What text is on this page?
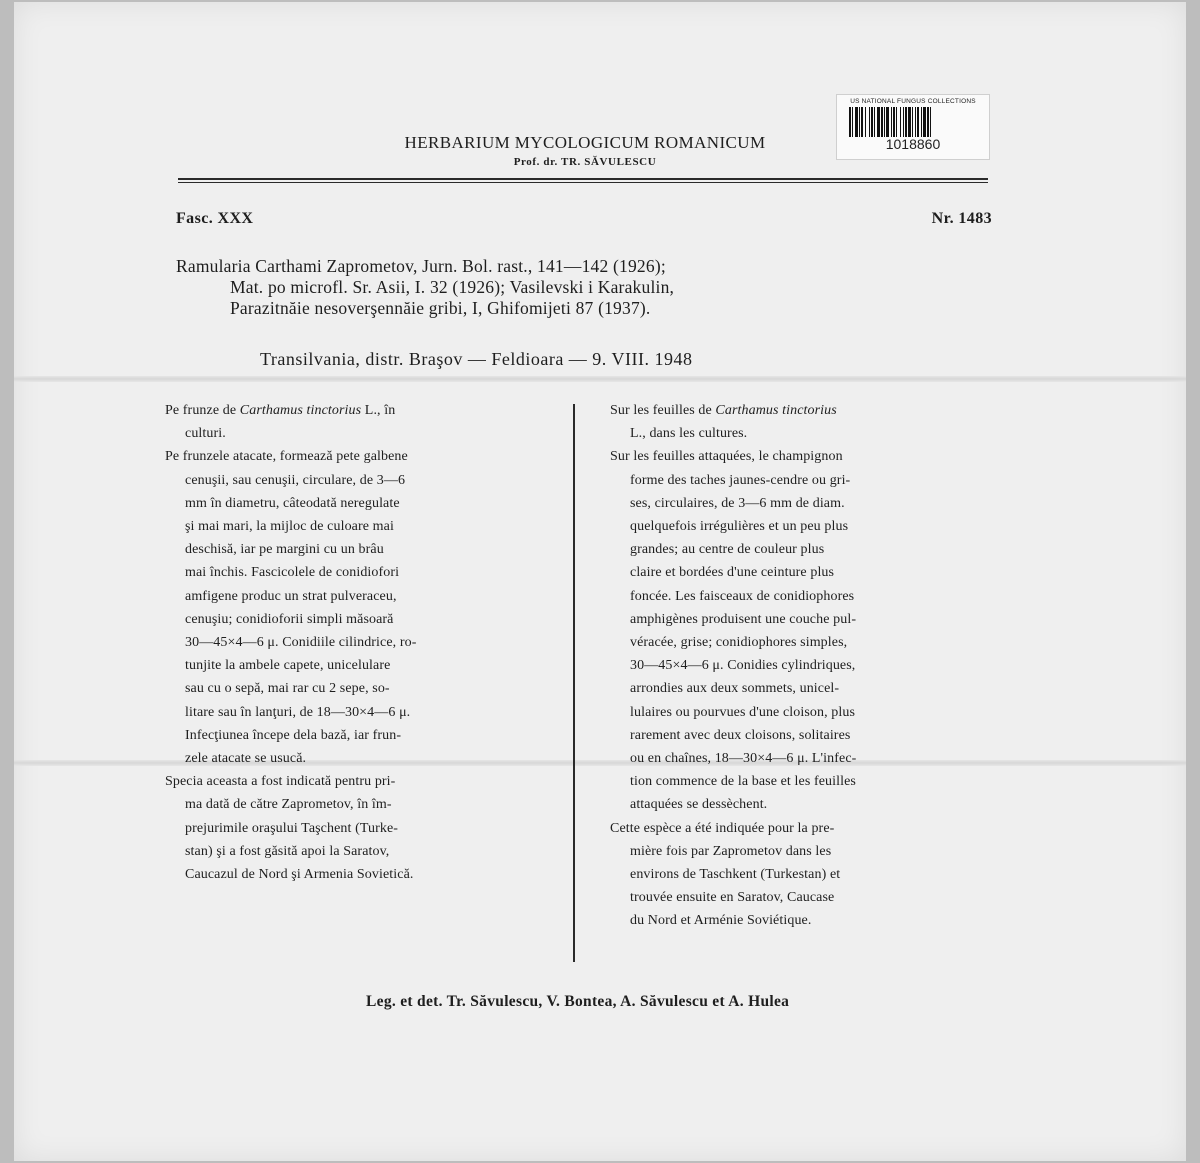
US NATIONAL FUNGUS COLLECTIONS
1018860
HERBARIUM MYCOLOGICUM ROMANICUM
Prof. dr. TR. SĂVULESCU
Fasc. XXX	Nr. 1483
Ramularia Carthami Zaprometov, Jurn. Bol. rast., 141—142 (1926);
Mat. po microfl. Sr. Asii, I. 32 (1926); Vasilevski i Karakulin,
Parazitnăie nesoverşennăie gribi, I, Ghifomijeti 87 (1937).
Transilvania, distr. Braşov — Feldioara — 9. VIII. 1948
Pe frunze de Carthamus tinctorius L., în
culturi.
Pe frunzele atacate, formează pete galbene
cenuşii, sau cenuşii, circulare, de 3—6
mm în diametru, câteodată neregulate
şi mai mari, la mijloc de culoare mai
deschisă, iar pe margini cu un brâu
mai închis. Fascicolele de conidiofori
amfigene produc un strat pulveraceu,
cenuşiu; conidioforii simpli măsoară
30—45×4—6 μ. Conidiile cilindrice, ro-
tunjite la ambele capete, unicelulare
sau cu o sepă, mai rar cu 2 sepe, so-
litare sau în lanţuri, de 18—30×4—6 μ.
Infecţiunea începe dela bază, iar frun-
zele atacate se usucă.
Specia aceasta a fost indicată pentru pri-
ma dată de către Zaprometov, în îm-
prejurimile oraşului Taşchent (Turke-
stan) şi a fost găsită apoi la Saratov,
Caucazul de Nord şi Armenia Sovietică.
Sur les feuilles de Carthamus tinctorius
L., dans les cultures.
Sur les feuilles attaquées, le champignon
forme des taches jaunes-cendre ou gri-
ses, circulaires, de 3—6 mm de diam.
quelquefois irrégulières et un peu plus
grandes; au centre de couleur plus
claire et bordées d'une ceinture plus
foncée. Les faisceaux de conidiophores
amphigènes produisent une couche pul-
véracée, grise; conidiophores simples,
30—45×4—6 μ. Conidies cylindriques,
arrondies aux deux sommets, unicel-
lulaires ou pourvues d'une cloison, plus
rarement avec deux cloisons, solitaires
ou en chaînes, 18—30×4—6 μ. L'infec-
tion commence de la base et les feuilles
attaquées se dessèchent.
Cette espèce a été indiquée pour la pre-
mière fois par Zaprometov dans les
environs de Taschkent (Turkestan) et
trouvée ensuite en Saratov, Caucase
du Nord et Arménie Soviétique.
Leg. et det. Tr. Săvulescu, V. Bontea, A. Săvulescu et A. Hulea
